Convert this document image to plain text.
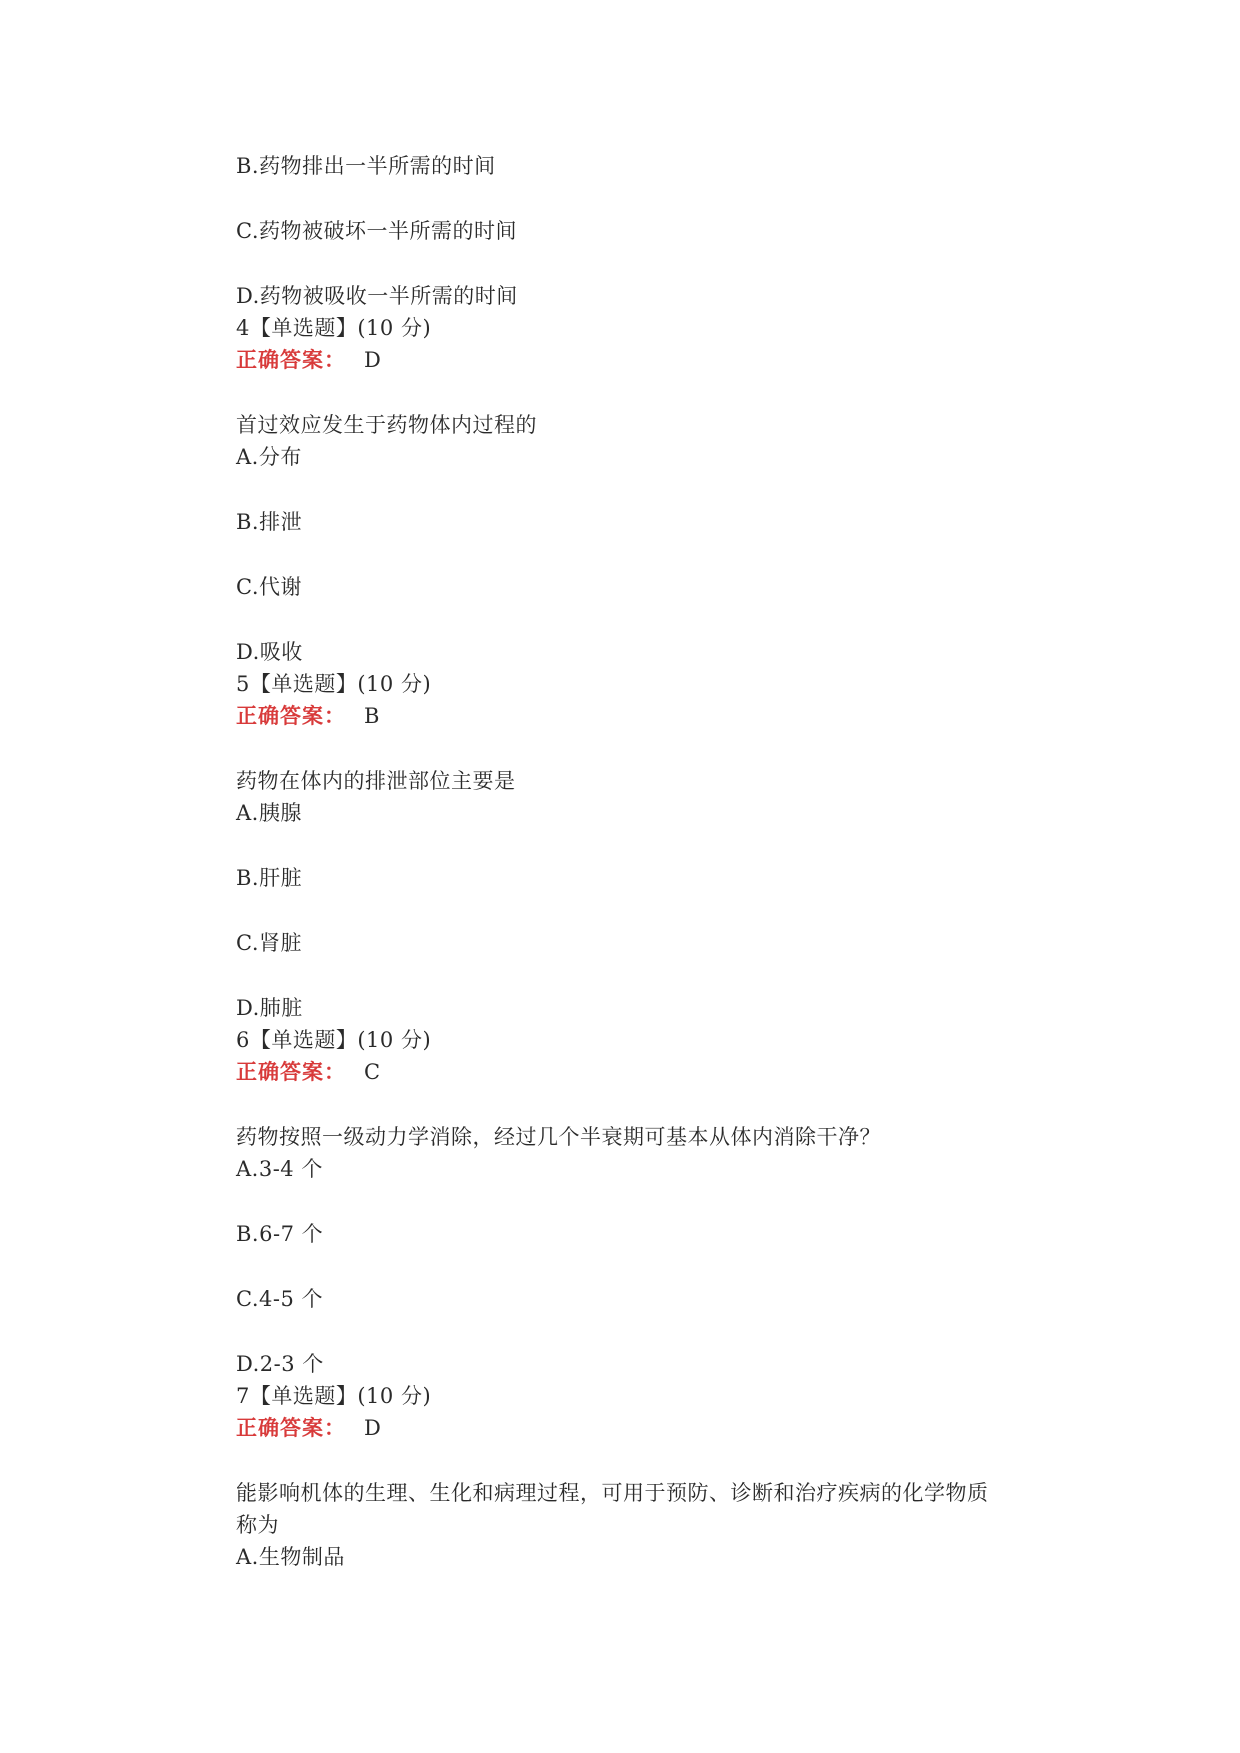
B.药物排出一半所需的时间
C.药物被破坏一半所需的时间
D.药物被吸收一半所需的时间
4【单选题】(10 分)
正确答案： D
首过效应发生于药物体内过程的
A.分布
B.排泄
C.代谢
D.吸收
5【单选题】(10 分)
正确答案： B
药物在体内的排泄部位主要是
A.胰腺
B.肝脏
C.肾脏
D.肺脏
6【单选题】(10 分)
正确答案： C
药物按照一级动力学消除，经过几个半衰期可基本从体内消除干净？
A.3-4 个
B.6-7 个
C.4-5 个
D.2-3 个
7【单选题】(10 分)
正确答案： D
能影响机体的生理、生化和病理过程，可用于预防、诊断和治疗疾病的化学物质
称为
A.生物制品
